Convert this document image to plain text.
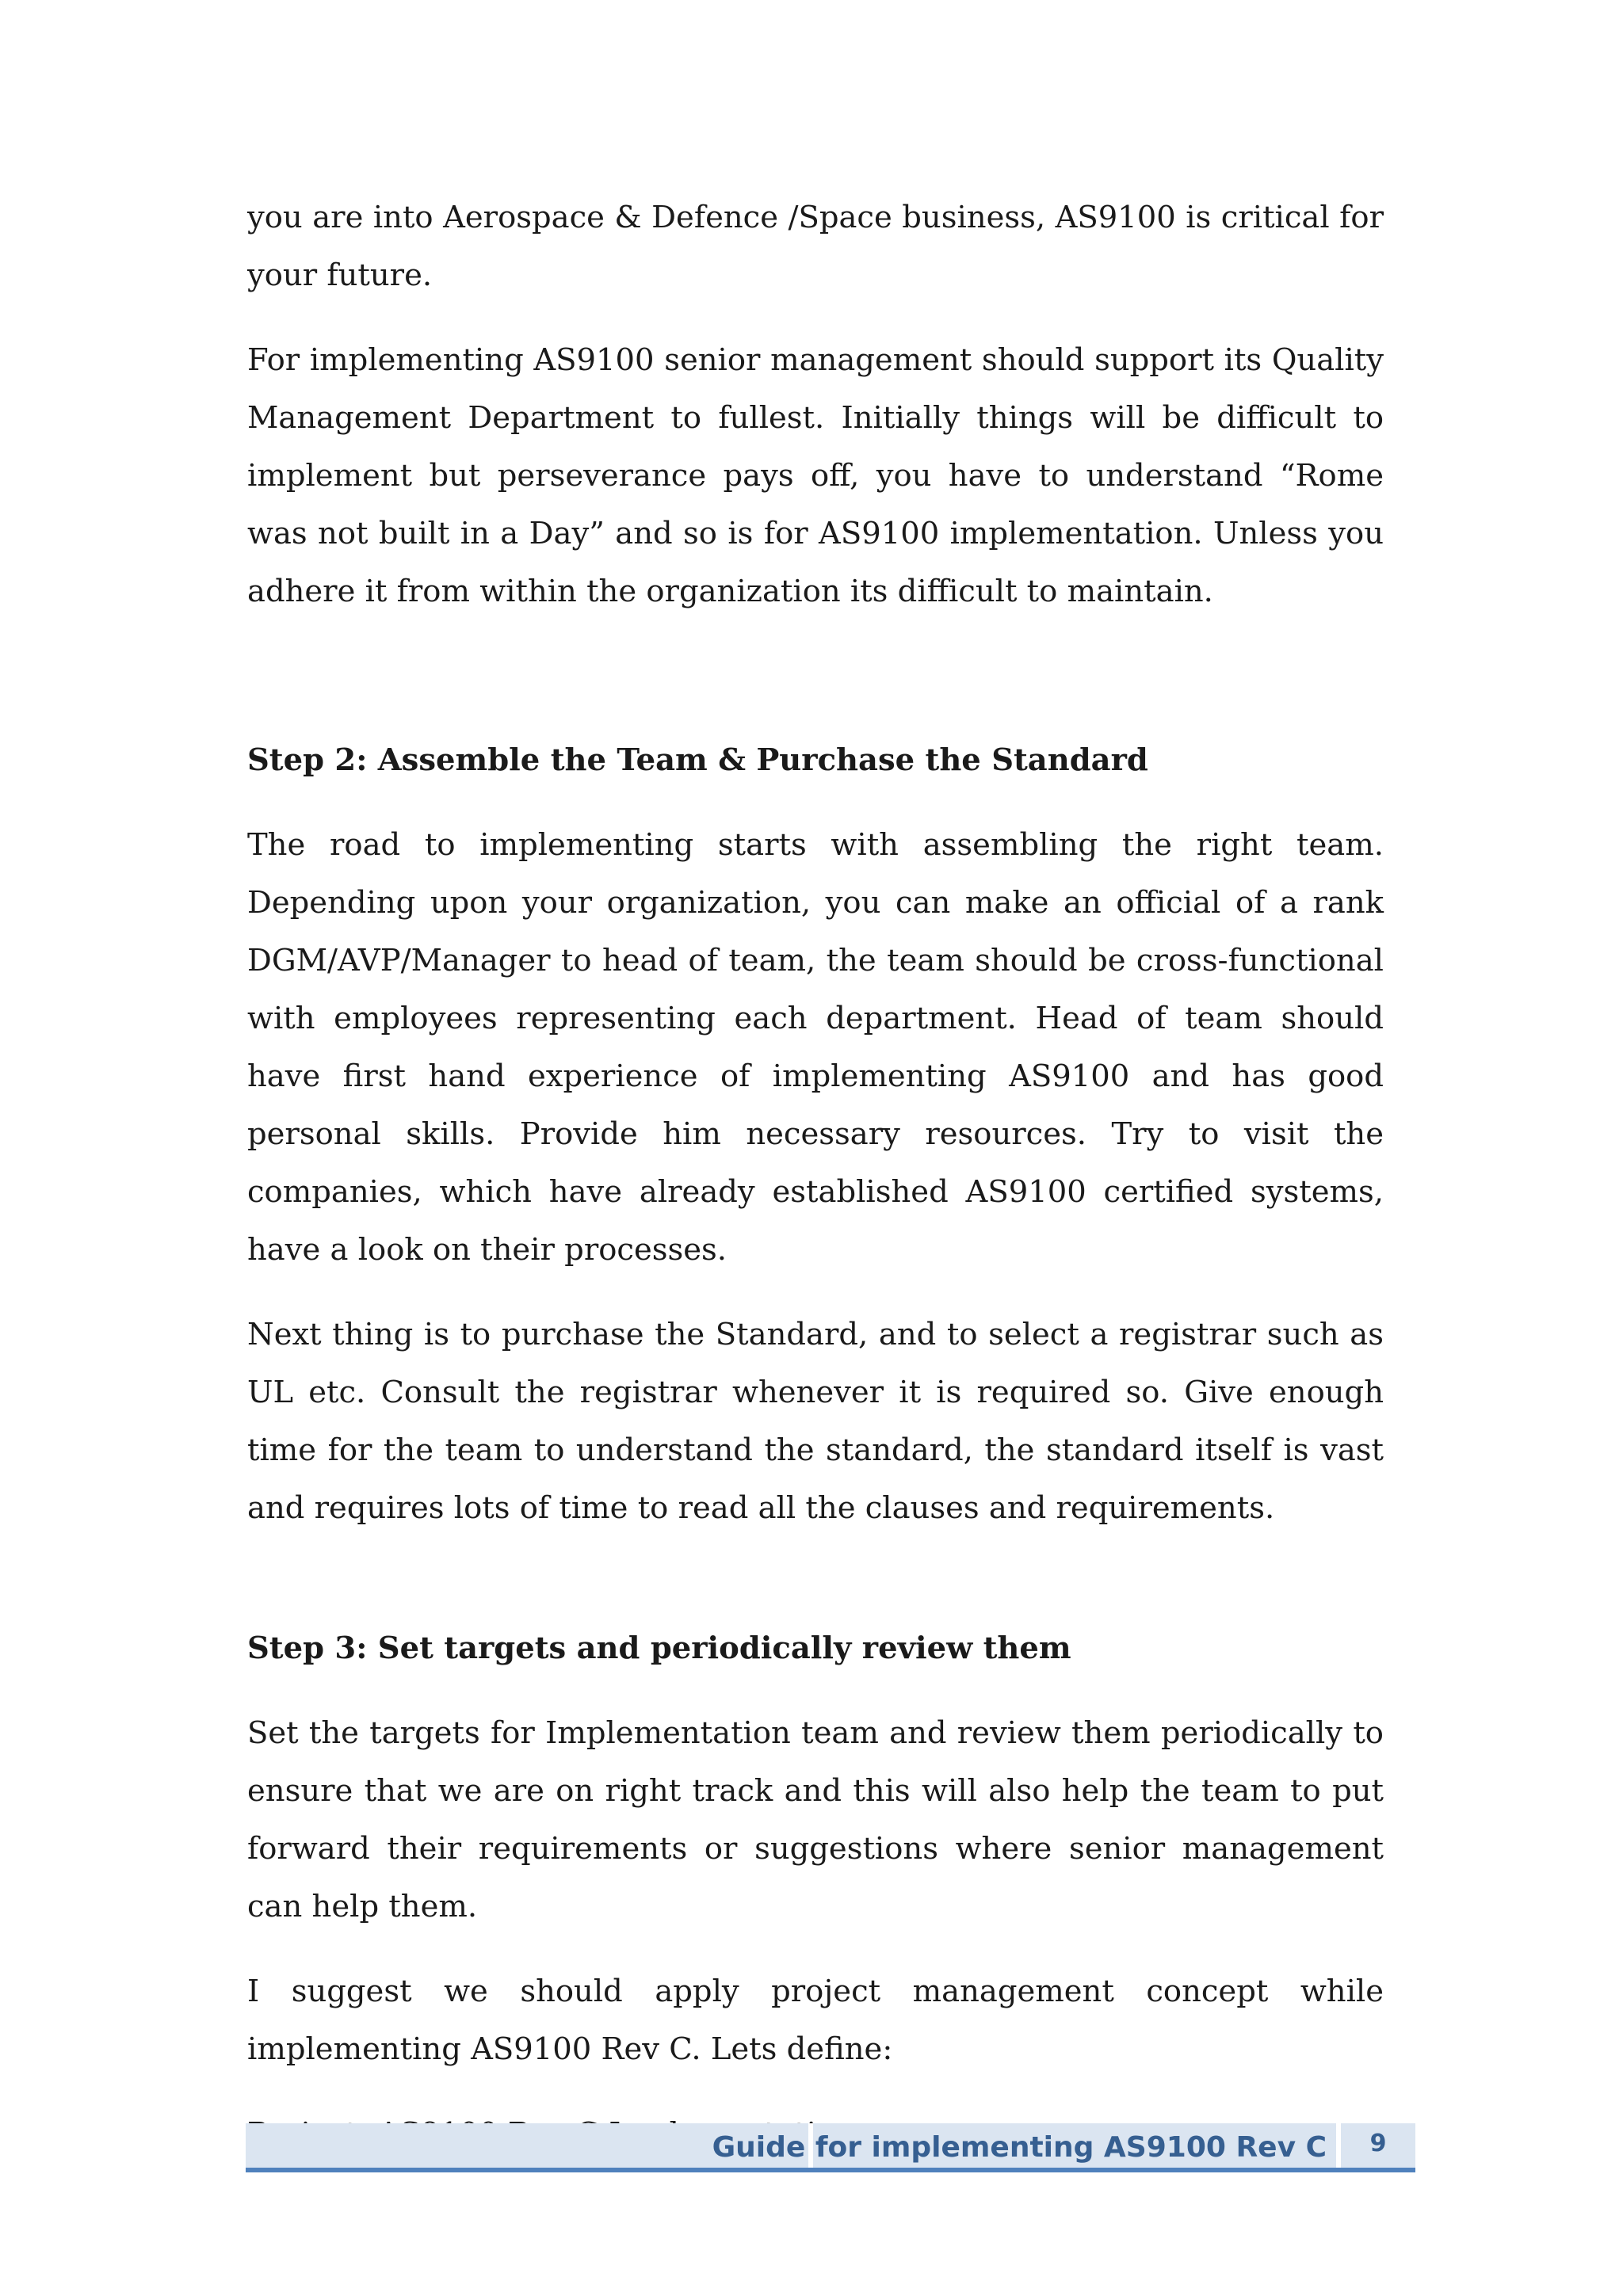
you are into Aerospace & Defence /Space business, AS9100 is critical for your future.

For implementing AS9100 senior management should support its Quality Management Department to fullest. Initially things will be difficult to implement but perseverance pays off, you have to understand “Rome was not built in a Day” and so is for AS9100 implementation. Unless you adhere it from within the organization its difficult to maintain.

Step 2: Assemble the Team & Purchase the Standard

The road to implementing starts with assembling the right team. Depending upon your organization, you can make an official of a rank DGM/AVP/Manager to head of team, the team should be cross-functional with employees representing each department. Head of team should have first hand experience of implementing AS9100 and has good personal skills. Provide him necessary resources. Try to visit the companies, which have already established AS9100 certified systems, have a look on their processes.

Next thing is to purchase the Standard, and to select a registrar such as UL etc. Consult the registrar whenever it is required so. Give enough time for the team to understand the standard, the standard itself is vast and requires lots of time to read all the clauses and requirements.

Step 3: Set targets and periodically review them

Set the targets for Implementation team and review them periodically to ensure that we are on right track and this will also help the team to put forward their requirements or suggestions where senior management can help them.

I suggest we should apply project management concept while implementing AS9100 Rev C. Lets define:

Guide for implementing AS9100 Rev C	9
